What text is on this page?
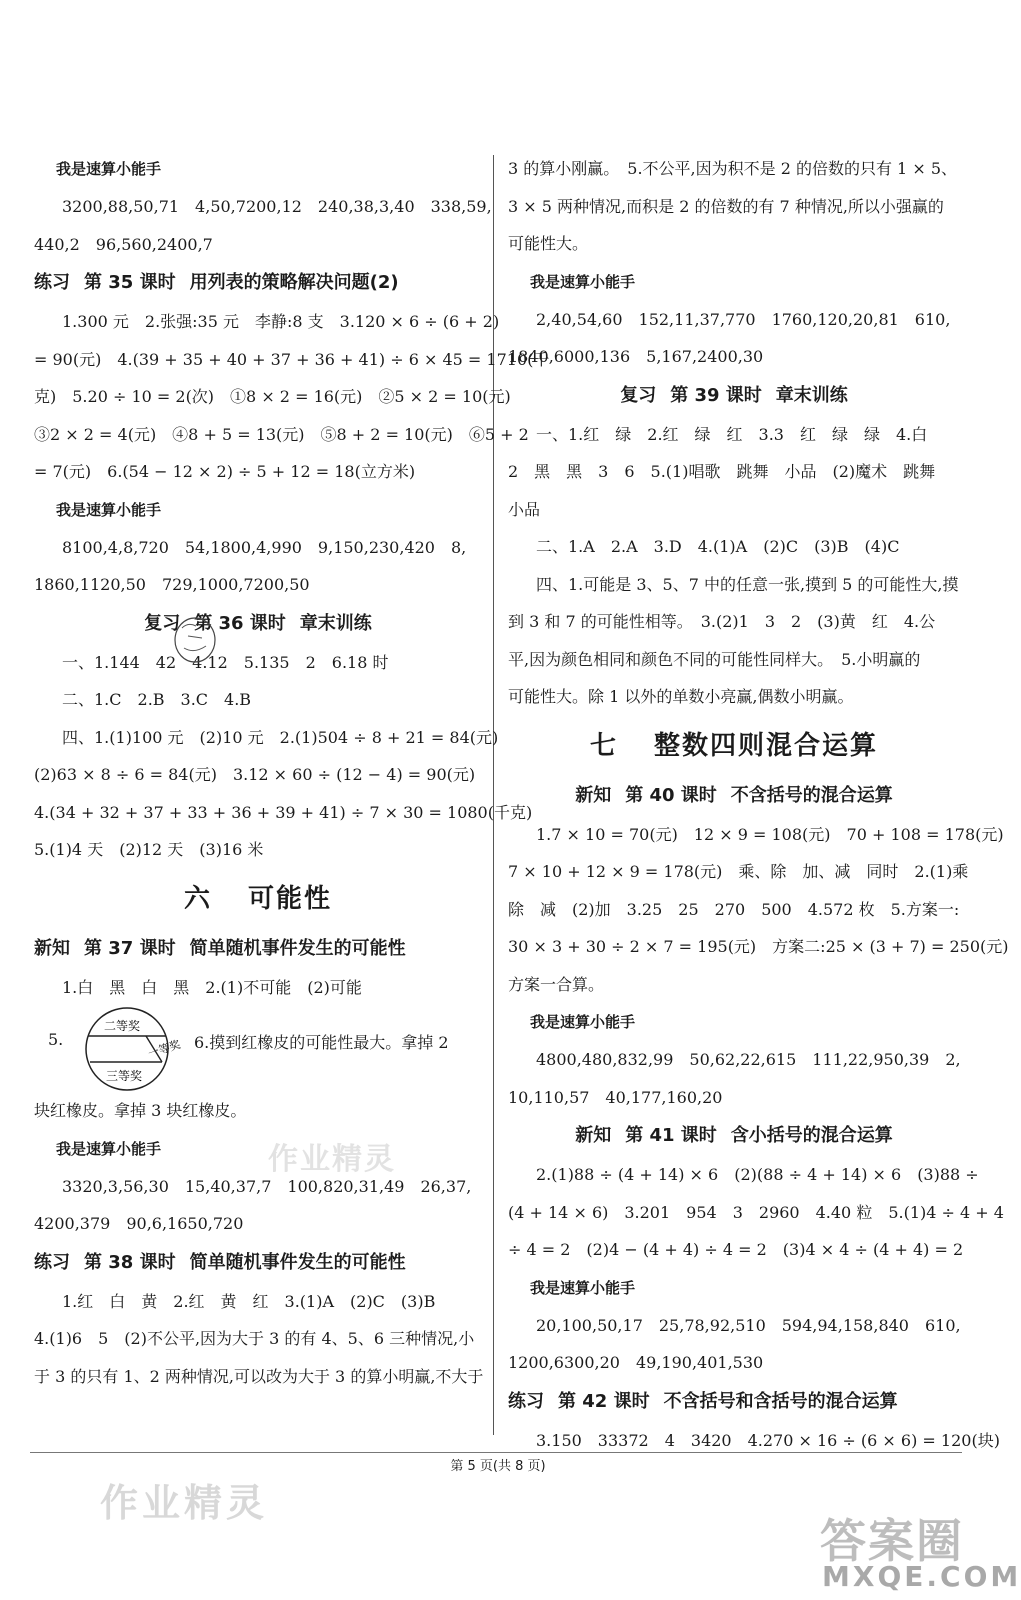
我是速算小能手

3200,88,50,71　4,50,7200,12　240,38,3,40　338,59,

440,2　96,560,2400,7

练习 第 35 课时 用列表的策略解决问题(2)

1.300 元　2.张强:35 元　李静:8 支　3.120 × 6 ÷ (6 + 2)

= 90(元)　4.(39 + 35 + 40 + 37 + 36 + 41) ÷ 6 × 45 = 1710(千

克)　5.20 ÷ 10 = 2(次)　①8 × 2 = 16(元)　②5 × 2 = 10(元)

③2 × 2 = 4(元)　④8 + 5 = 13(元)　⑤8 + 2 = 10(元)　⑥5 + 2

= 7(元)　6.(54 − 12 × 2) ÷ 5 + 12 = 18(立方米)

我是速算小能手

8100,4,8,720　54,1800,4,990　9,150,230,420　8,

1860,1120,50　729,1000,7200,50

复习 第 36 课时 章末训练

一、1.144　42　4.12　5.135　2　6.18 时

二、1.C　2.B　3.C　4.B

四、1.(1)100 元　(2)10 元　2.(1)504 ÷ 8 + 21 = 84(元)

(2)63 × 8 ÷ 6 = 84(元)　3.12 × 60 ÷ (12 − 4) = 90(元)

4.(34 + 32 + 37 + 33 + 36 + 39 + 41) ÷ 7 × 30 = 1080(千克)

5.(1)4 天　(2)12 天　(3)16 米

六 可能性
新知 第 37 课时 简单随机事件发生的可能性

1.白　黑　白　黑　2.(1)不可能　(2)可能

5.
二等奖
一等奖
三等奖
6.摸到红橡皮的可能性最大。拿掉 2

块红橡皮。拿掉 3 块红橡皮。

我是速算小能手

3320,3,56,30　15,40,37,7　100,820,31,49　26,37,

4200,379　90,6,1650,720

练习 第 38 课时 简单随机事件发生的可能性

1.红　白　黄　2.红　黄　红　3.(1)A　(2)C　(3)B

4.(1)6　5　(2)不公平,因为大于 3 的有 4、5、6 三种情况,小

于 3 的只有 1、2 两种情况,可以改为大于 3 的算小明赢,不大于

3 的算小刚赢。　5.不公平,因为积不是 2 的倍数的只有 1 × 5、

3 × 5 两种情况,而积是 2 的倍数的有 7 种情况,所以小强赢的

可能性大。

我是速算小能手

2,40,54,60　152,11,37,770　1760,120,20,81　610,

1840,6000,136　5,167,2400,30

复习 第 39 课时 章末训练

一、1.红　绿　2.红　绿　红　3.3　红　绿　绿　4.白

2　黑　黑　3　6　5.(1)唱歌　跳舞　小品　(2)魔术　跳舞

小品

二、1.A　2.A　3.D　4.(1)A　(2)C　(3)B　(4)C

四、1.可能是 3、5、7 中的任意一张,摸到 5 的可能性大,摸

到 3 和 7 的可能性相等。　3.(2)1　3　2　(3)黄　红　4.公

平,因为颜色相同和颜色不同的可能性同样大。　5.小明赢的

可能性大。除 1 以外的单数小亮赢,偶数小明赢。

七 整数四则混合运算
新知 第 40 课时 不含括号的混合运算

1.7 × 10 = 70(元)　12 × 9 = 108(元)　70 + 108 = 178(元)

7 × 10 + 12 × 9 = 178(元)　乘、除　加、减　同时　2.(1)乘

除　减　(2)加　3.25　25　270　500　4.572 枚　5.方案一:

30 × 3 + 30 ÷ 2 × 7 = 195(元)　方案二:25 × (3 + 7) = 250(元)

方案一合算。

我是速算小能手

4800,480,832,99　50,62,22,615　111,22,950,39　2,

10,110,57　40,177,160,20

新知 第 41 课时 含小括号的混合运算

2.(1)88 ÷ (4 + 14) × 6　(2)(88 ÷ 4 + 14) × 6　(3)88 ÷

(4 + 14 × 6)　3.201　954　3　2960　4.40 粒　5.(1)4 ÷ 4 + 4

÷ 4 = 2　(2)4 − (4 + 4) ÷ 4 = 2　(3)4 × 4 ÷ (4 + 4) = 2

我是速算小能手

20,100,50,17　25,78,92,510　594,94,158,840　610,

1200,6300,20　49,190,401,530

练习 第 42 课时 不含括号和含括号的混合运算

3.150　33372　4　3420　4.270 × 16 ÷ (6 × 6) = 120(块)

第 5 页(共 8 页)
作业精灵
作业精灵
答案圈
MXQE.COM
